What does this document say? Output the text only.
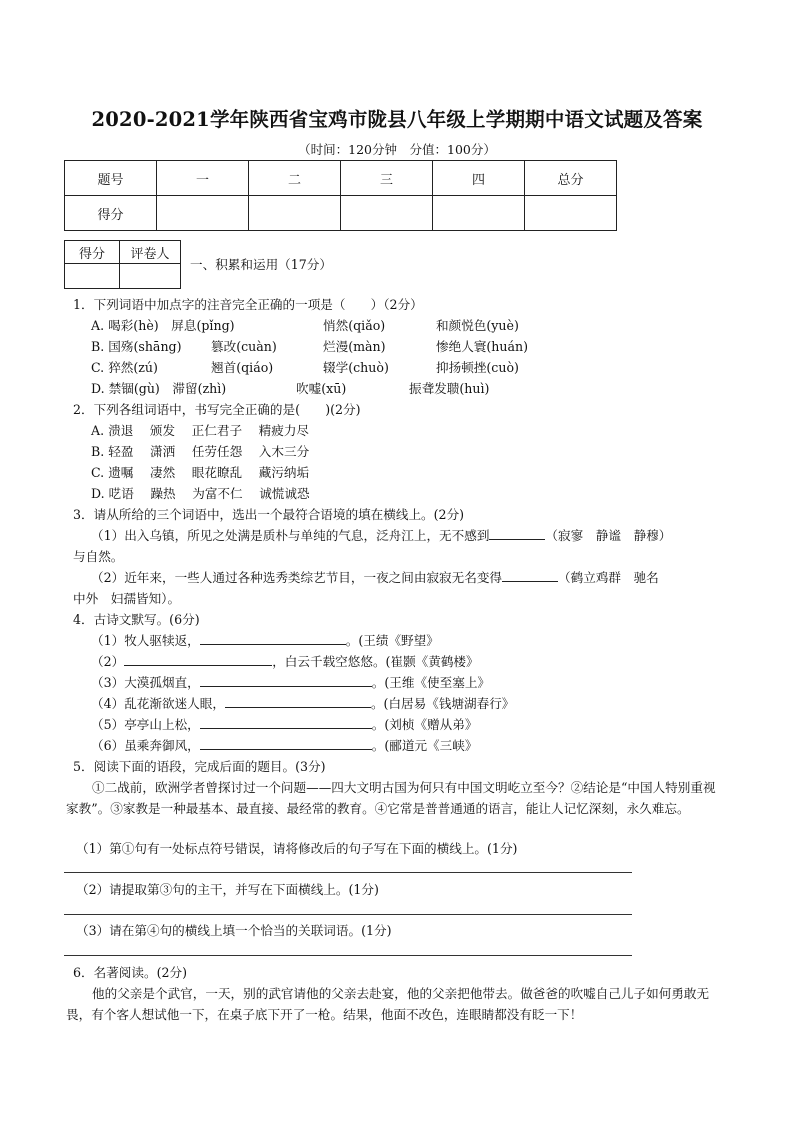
2020-2021学年陕西省宝鸡市陇县八年级上学期期中语文试题及答案
（时间：120分钟　分值：100分）
题号	一	二	三	四	总分
得分					
得分	评卷人

一、积累和运用（17分）
1．下列词语中加点字的注音完全正确的一项是（　　）（2分）
A. 喝彩(hè)　屏息(pǐng)	悄然(qiǎo)	和颜悦色(yuè)
B. 国殇(shāng) 篡改(cuàn)	烂漫(màn)	惨绝人寰(huán)
C. 猝然(zú)	翘首(qiáo)	辍学(chuò)	抑扬顿挫(cuò)
D. 禁锢(gù)　滞留(zhì)	吹嘘(xū)	振聋发聩(huì)
2．下列各组词语中，书写完全正确的是(　　)(2分)
A. 溃退　 颁发　 正仁君子　 精疲力尽
B. 轻盈　 潇洒　 任劳任怨　 入木三分
C. 遗嘱　 凄然　 眼花瞭乱　 藏污纳垢
D. 呓语　 躁热　 为富不仁　 诚慌诚恐
3．请从所给的三个词语中，选出一个最符合语境的填在横线上。(2分)
（1）出入乌镇，所见之处满是质朴与单纯的气息，泛舟江上，无不感到	（寂寥　静谧　静穆）
与自然。
（2）近年来，一些人通过各种选秀类综艺节目，一夜之间由寂寂无名变得	（鹤立鸡群　驰名
中外　妇孺皆知）。
4．古诗文默写。(6分)
（1）牧人驱犊返，	。(王绩《野望》
（2）	，白云千载空悠悠。(崔颢《黄鹤楼》
（3）大漠孤烟直，	。(王维《使至塞上》
（4）乱花渐欲迷人眼，	。(白居易《钱塘湖春行》
（5）亭亭山上松，	。(刘桢《赠从弟》
（6）虽乘奔御风，	。(郦道元《三峡》
5．阅读下面的语段，完成后面的题目。(3分)
①二战前，欧洲学者曾探讨过一个问题——四大文明古国为何只有中国文明屹立至今？②结论是“中国人特别重视家教”。③家教是一种最基本、最直接、最经常的教育。④它常是普普通通的语言，能让人记忆深刻，永久难忘。
（1）第①句有一处标点符号错误，请将修改后的句子写在下面的横线上。(1分)
（2）请提取第③句的主干，并写在下面横线上。(1分)
（3）请在第④句的横线上填一个恰当的关联词语。(1分)
6．名著阅读。(2分)
他的父亲是个武官，一天，别的武官请他的父亲去赴宴，他的父亲把他带去。做爸爸的吹嘘自己儿子如何勇敢无畏，有个客人想试他一下，在桌子底下开了一枪。结果，他面不改色，连眼睛都没有眨一下！
